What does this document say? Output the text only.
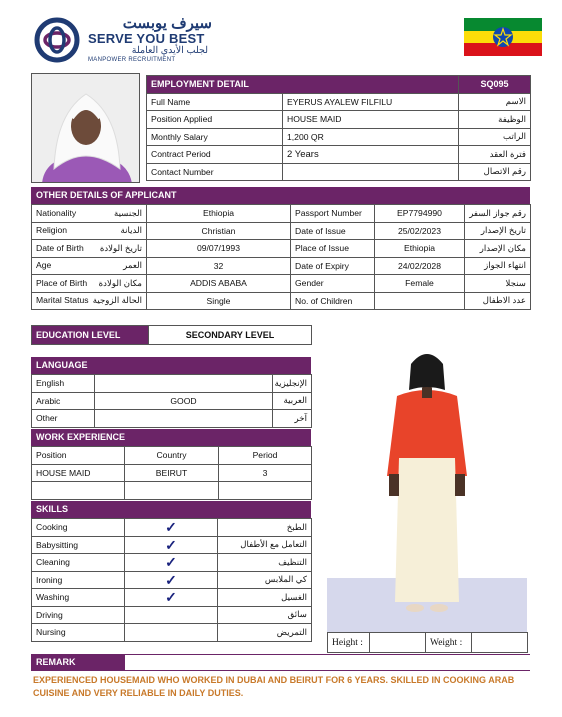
سيرف يوبست
SERVE YOU BEST
لجلب الأيدي العاملة
MANPOWER RECRUITMENT
EMPLOYMENT DETAIL		SQ095
Full Name	EYERUS AYALEW FILFILU	الاسم
Position Applied	HOUSE MAID	الوظيفة
Monthly Salary	1,200 QR	الراتب
Contract Period	2 Years	فترة العقد
Contact Number		رقم الاتصال
OTHER DETAILS OF APPLICANT
Nationality الجنسية	Ethiopia	Passport Number	EP7794990	رقم جواز السفر
Religion الديانة	Christian	Date of Issue	25/02/2023	تاريخ الإصدار
Date of Birth تاريخ الولادة	09/07/1993	Place of Issue	Ethiopia	مكان الإصدار
Age العمر	32	Date of Expiry	24/02/2028	انتهاء الجواز
Place of Birth مكان الولادة	ADDIS ABABA	Gender	Female	سنجلا
Marital Status الحالة الزوجية	Single	No. of Children		عدد الاطفال
EDUCATION LEVEL	SECONDARY LEVEL
LANGUAGE
English		الإنجليزية
Arabic	GOOD	العربية
Other		آخر
WORK EXPERIENCE
Position	Country	Period
HOUSE MAID	BEIRUT	3

SKILLS
Cooking	✓	الطبخ
Babysitting	✓	التعامل مع الأطفال
Cleaning	✓	التنظيف
Ironing	✓	كي الملابس
Washing	✓	الغسيل
Driving		سائق
Nursing		التمريض
Height :		Weight :	
REMARK
EXPERIENCED HOUSEMAID WHO WORKED IN DUBAI AND BEIRUT FOR 6 YEARS. SKILLED IN COOKING ARAB CUISINE AND VERY RELIABLE IN DAILY DUTIES.
